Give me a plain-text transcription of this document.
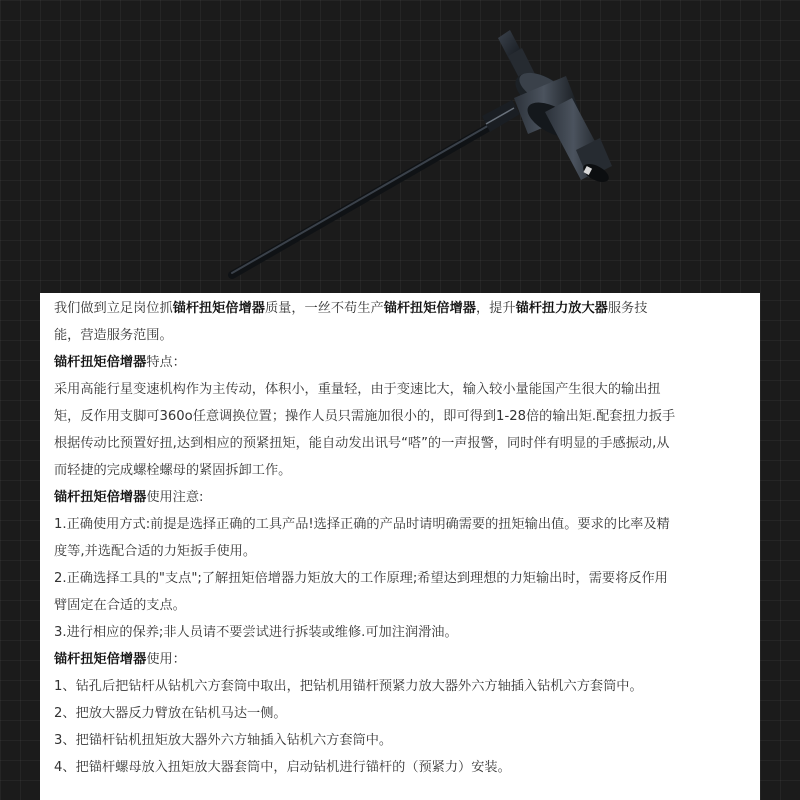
我们做到立足岗位抓锚杆扭矩倍增器质量，一丝不苟生产锚杆扭矩倍增器，提升锚杆扭力放大器服务技

能，营造服务范围。

锚杆扭矩倍增器特点：

采用高能行星变速机构作为主传动，体积小，重量轻，由于变速比大，输入较小量能国产生很大的输出扭

矩，反作用支脚可360o任意调换位置；操作人员只需施加很小的，即可得到1-28倍的输出矩.配套扭力扳手

根据传动比预置好扭,达到相应的预紧扭矩，能自动发出讯号“嗒”的一声报警，同时伴有明显的手感振动,从

而轻捷的完成螺栓螺母的紧固拆卸工作。

锚杆扭矩倍增器使用注意:

1.正确使用方式:前提是选择正确的工具产品!选择正确的产品时请明确需要的扭矩输出值。要求的比率及精

度等,并选配合适的力矩扳手使用。

2.正确选择工具的"支点";了解扭矩倍增器力矩放大的工作原理;希望达到理想的力矩输出时，需要将反作用

臂固定在合适的支点。

3.进行相应的保养;非人员请不要尝试进行拆装或维修.可加注润滑油。

锚杆扭矩倍增器使用：

1、钻孔后把钻杆从钻机六方套筒中取出，把钻机用锚杆预紧力放大器外六方轴插入钻机六方套筒中。

2、把放大器反力臂放在钻机马达一侧。

3、把锚杆钻机扭矩放大器外六方轴插入钻机六方套筒中。

4、把锚杆螺母放入扭矩放大器套筒中，启动钻机进行锚杆的（预紧力）安装。
